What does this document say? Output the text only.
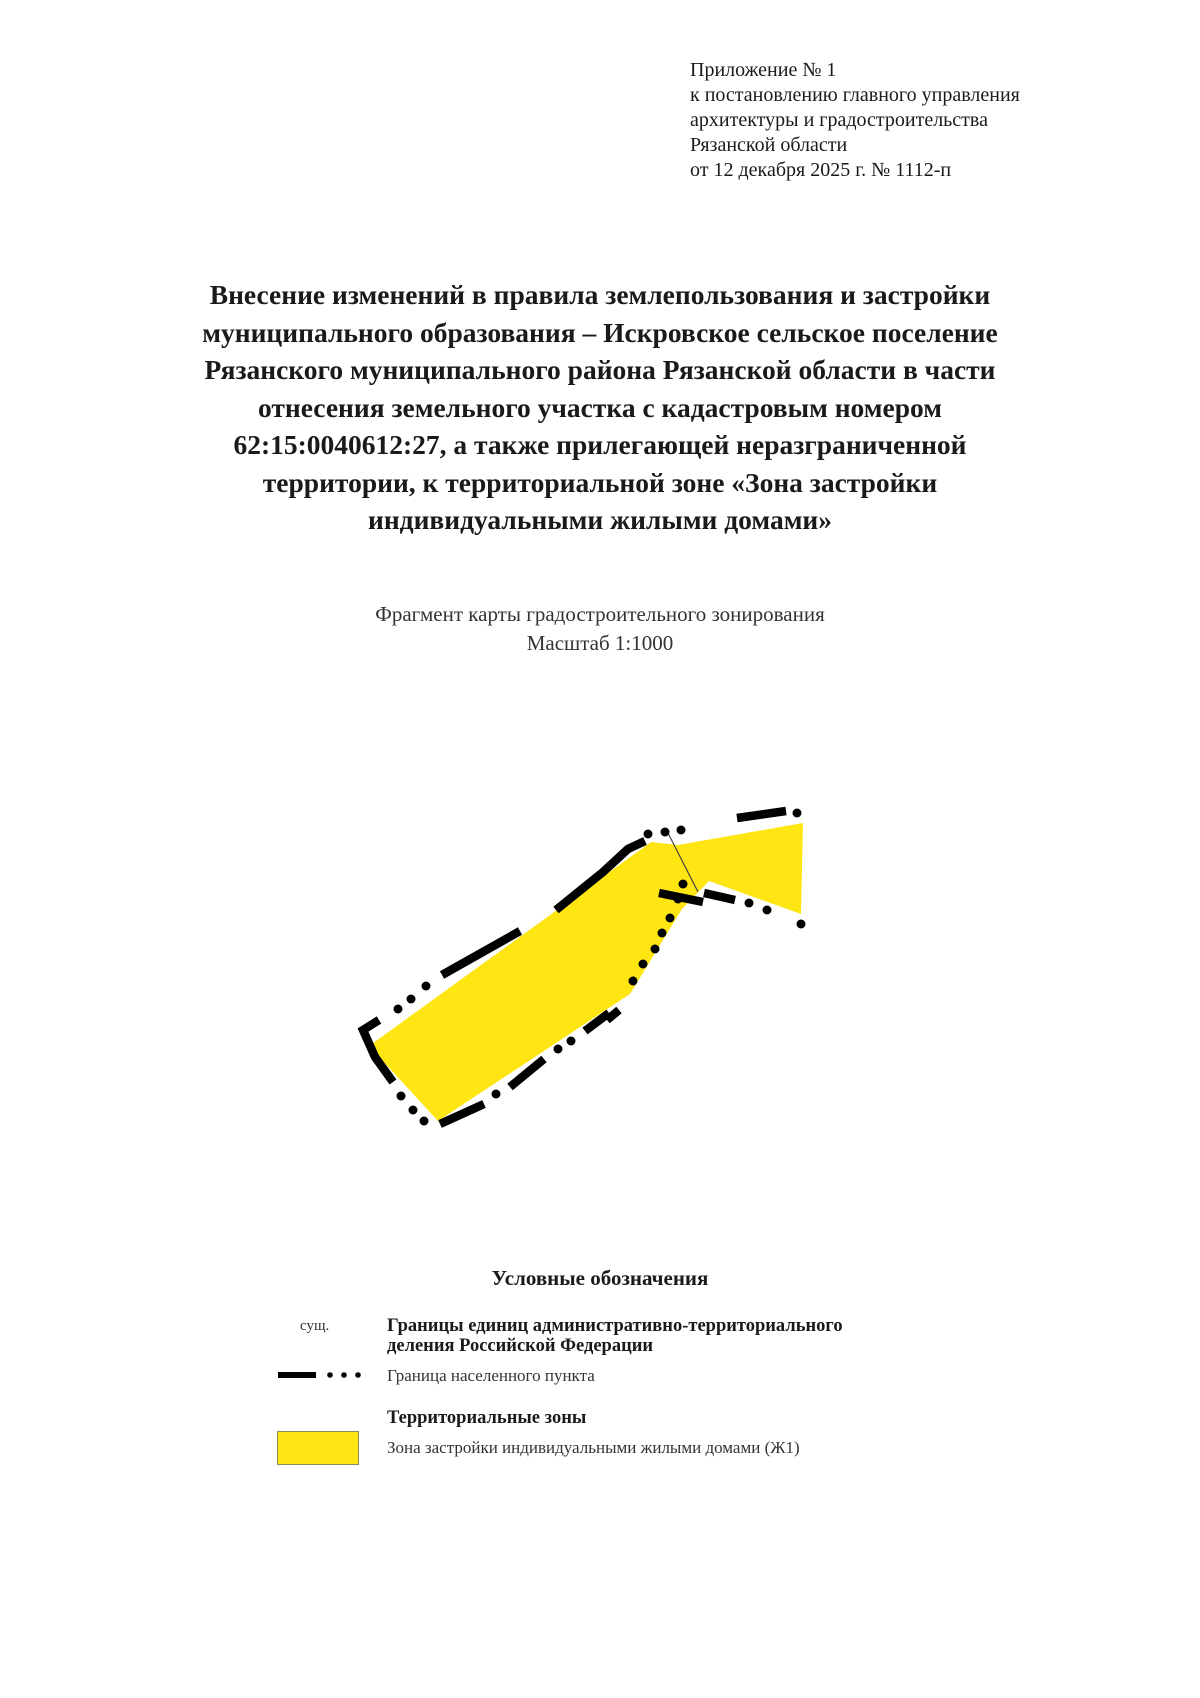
Приложение № 1
к постановлению главного управления
архитектуры и градостроительства
Рязанской области
от 12 декабря 2025 г. № 1112-п
Внесение изменений в правила землепользования и застройки
муниципального образования – Искровское сельское поселение
Рязанского муниципального района Рязанской области в части
отнесения земельного участка с кадастровым номером
62:15:0040612:27, а также прилегающей неразграниченной
территории, к территориальной зоне «Зона застройки
индивидуальными жилыми домами»
Фрагмент карты градостроительного зонирования
Масштаб 1:1000
Условные обозначения
сущ.	Границы единиц административно-территориального
деления Российской Федерации
Граница населенного пункта
Территориальные зоны
Зона застройки индивидуальными жилыми домами (Ж1)
